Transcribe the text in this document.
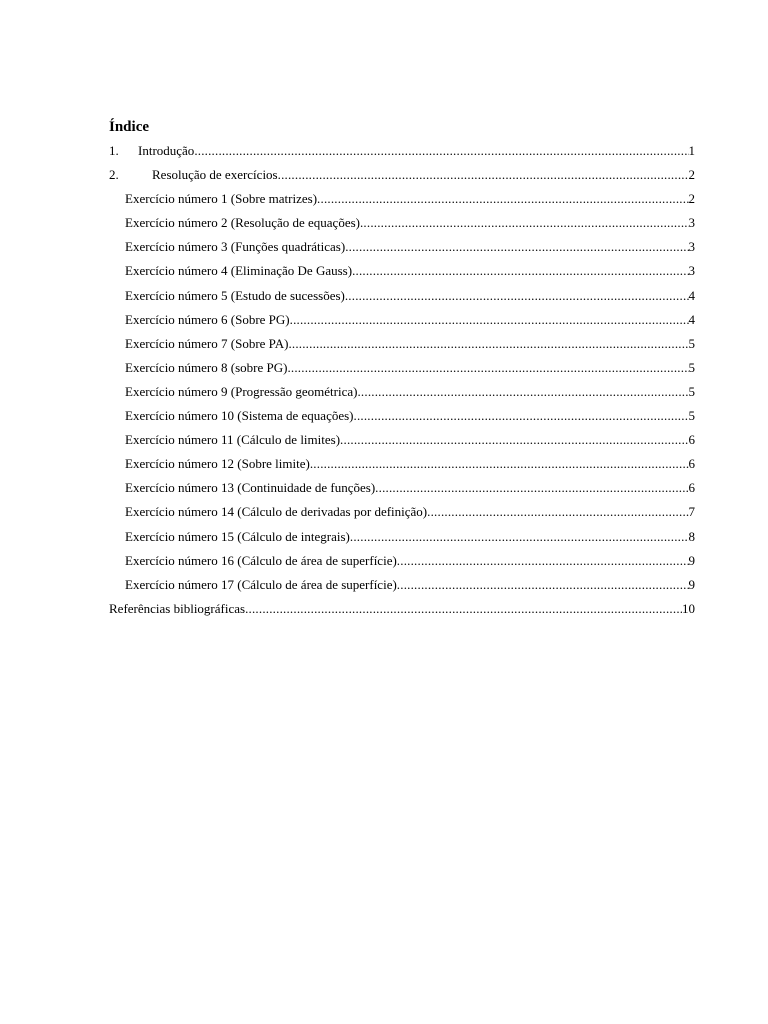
Índice
1.	Introdução .....	1
2.	Resolução de exercícios .....	2
Exercício número 1 (Sobre matrizes) .....	2
Exercício número 2 (Resolução de equações) .....	3
Exercício número 3 (Funções quadráticas) .....	3
Exercício número 4 (Eliminação De Gauss) .....	3
Exercício número 5 (Estudo de sucessões) .....	4
Exercício número 6 (Sobre PG) .....	4
Exercício número 7 (Sobre PA) .....	5
Exercício número 8 (sobre PG) .....	5
Exercício número 9 (Progressão geométrica) .....	5
Exercício número 10 (Sistema de equações) .....	5
Exercício número 11 (Cálculo de limites) .....	6
Exercício número 12 (Sobre limite) .....	6
Exercício número 13 (Continuidade de funções) .....	6
Exercício número 14 (Cálculo de derivadas por definição) .....	7
Exercício número 15 (Cálculo de integrais) .....	8
Exercício número 16 (Cálculo de área de superfície) .....	9
Exercício número 17 (Cálculo de área de superfície) .....	9
Referências bibliográficas .....	10
